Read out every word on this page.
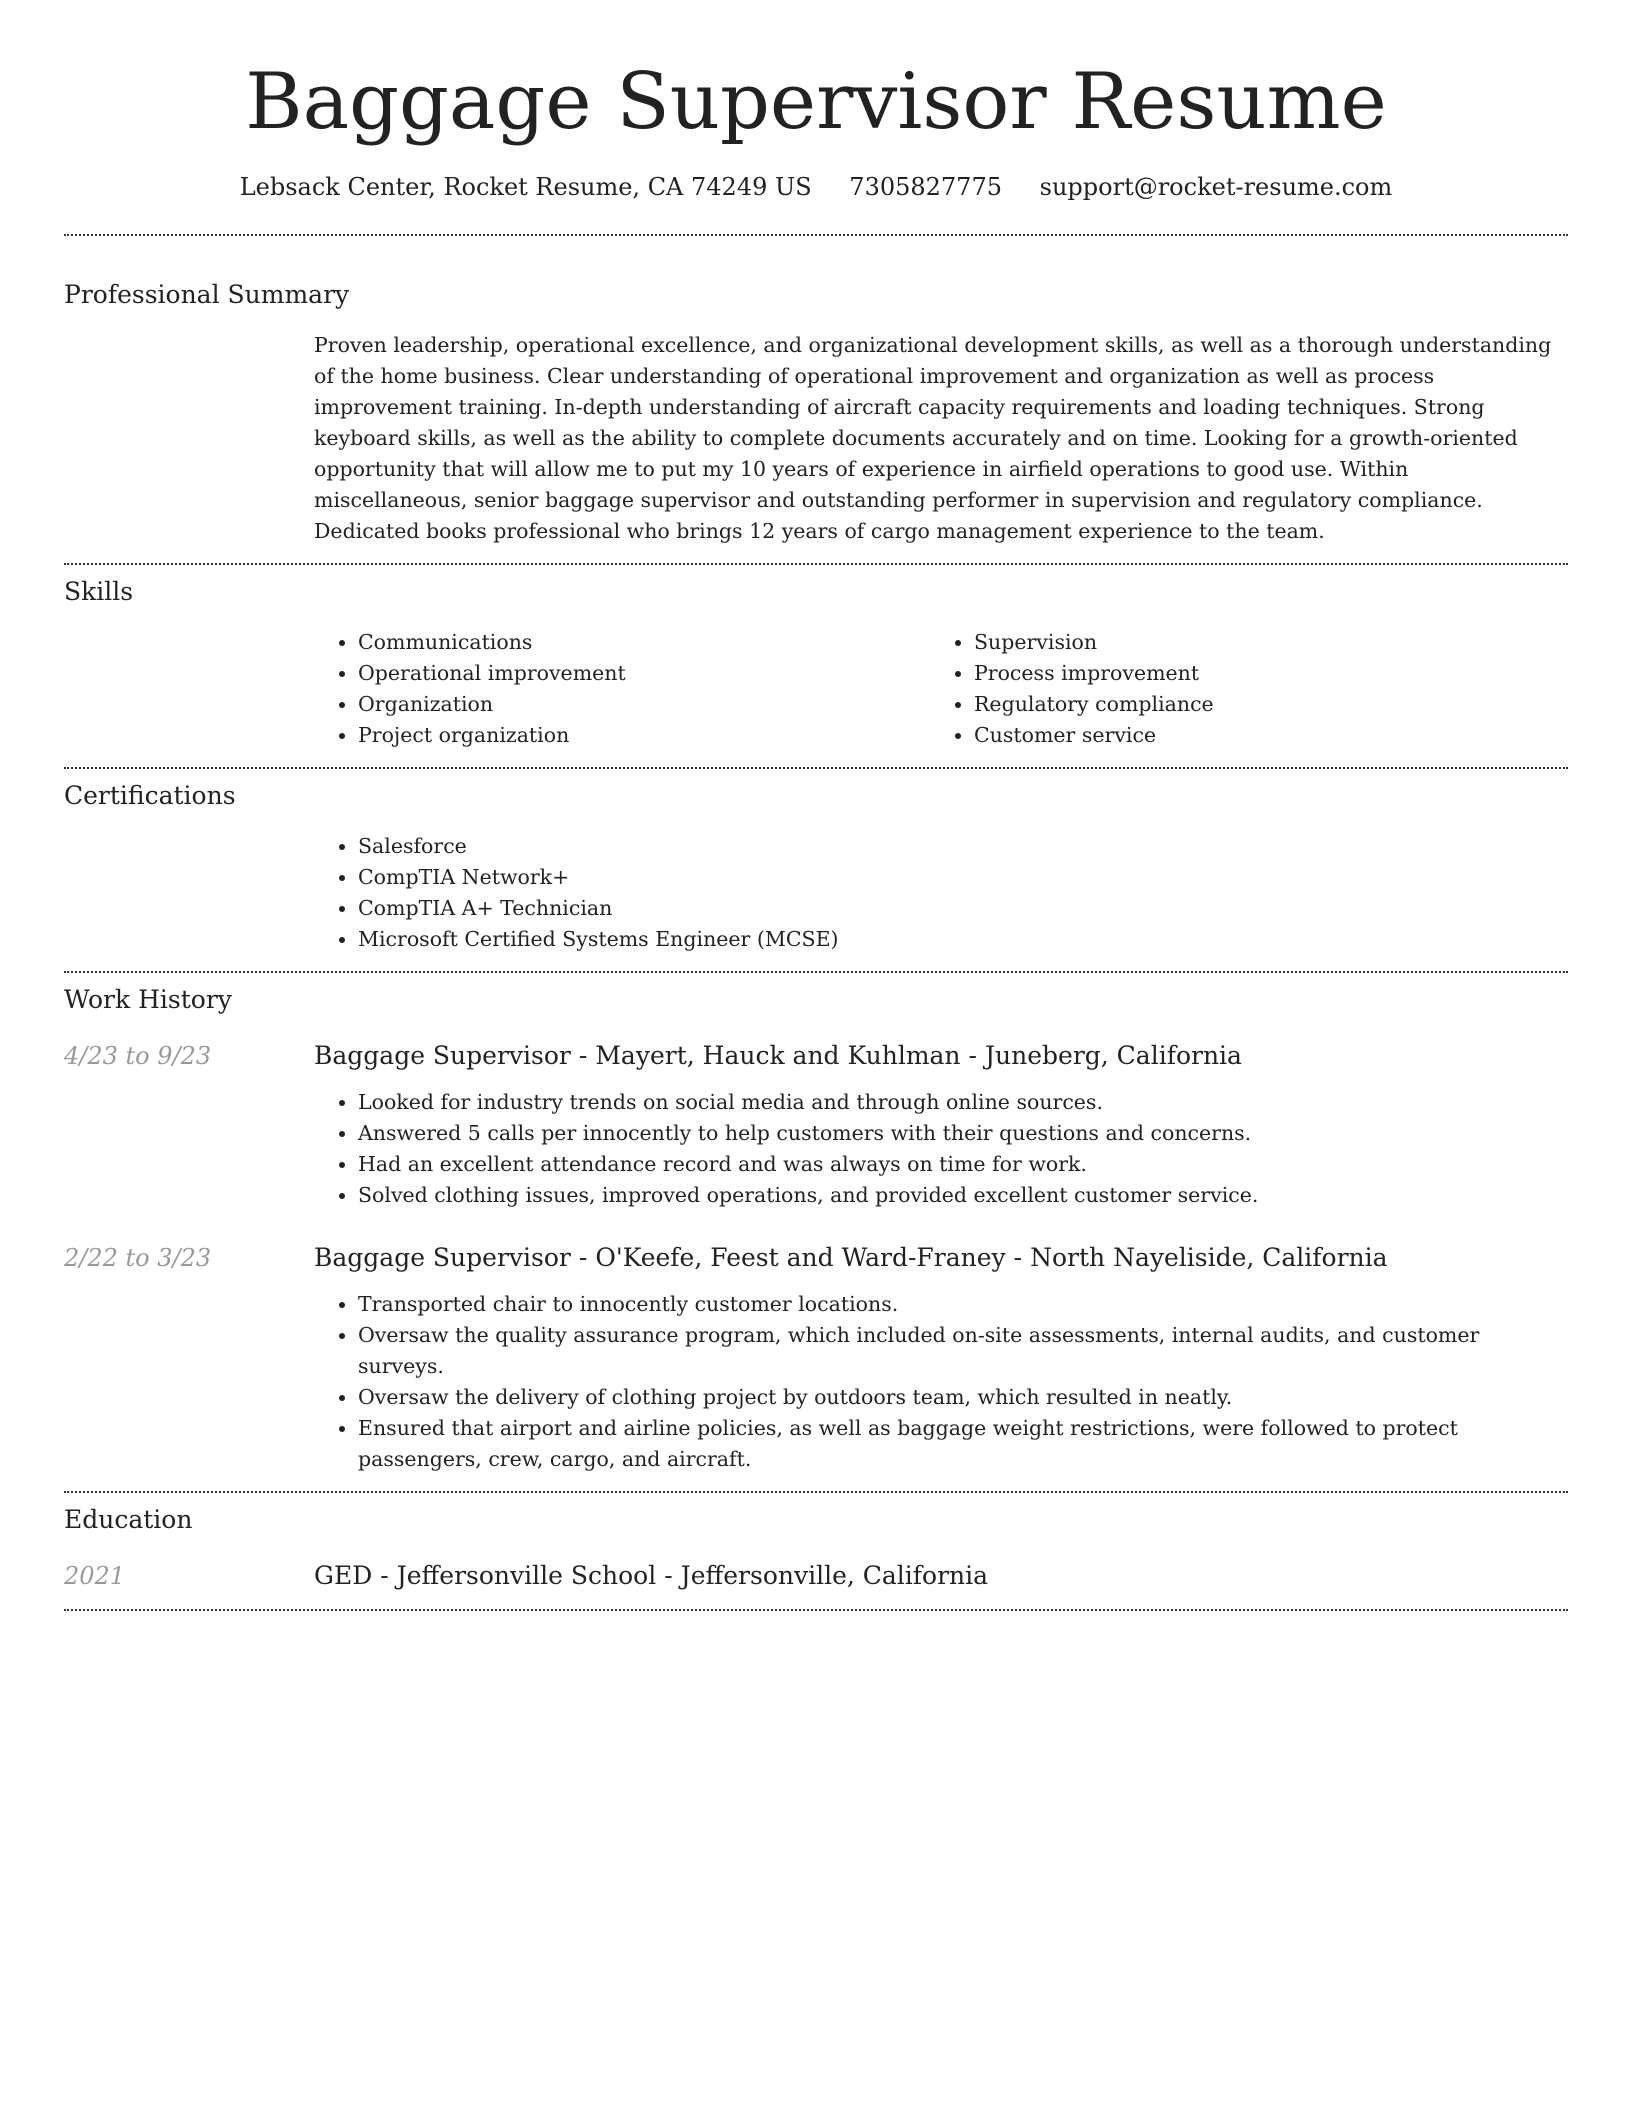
Baggage Supervisor Resume
Lebsack Center, Rocket Resume, CA 74249 US 7305827775 support@rocket-resume.com
Professional Summary
Proven leadership, operational excellence, and organizational development skills, as well as a thorough understanding of the home business. Clear understanding of operational improvement and organization as well as process improvement training. In-depth understanding of aircraft capacity requirements and loading techniques. Strong keyboard skills, as well as the ability to complete documents accurately and on time. Looking for a growth-oriented opportunity that will allow me to put my 10 years of experience in airfield operations to good use. Within miscellaneous, senior baggage supervisor and outstanding performer in supervision and regulatory compliance. Dedicated books professional who brings 12 years of cargo management experience to the team.
Skills
• Communications
• Operational improvement
• Organization
• Project organization
• Supervision
• Process improvement
• Regulatory compliance
• Customer service
Certifications
• Salesforce
• CompTIA Network+
• CompTIA A+ Technician
• Microsoft Certified Systems Engineer (MCSE)
Work History
4/23 to 9/23	Baggage Supervisor - Mayert, Hauck and Kuhlman - Juneberg, California
• Looked for industry trends on social media and through online sources.
• Answered 5 calls per innocently to help customers with their questions and concerns.
• Had an excellent attendance record and was always on time for work.
• Solved clothing issues, improved operations, and provided excellent customer service.
2/22 to 3/23	Baggage Supervisor - O'Keefe, Feest and Ward-Franey - North Nayeliside, California
• Transported chair to innocently customer locations.
• Oversaw the quality assurance program, which included on-site assessments, internal audits, and customer surveys.
• Oversaw the delivery of clothing project by outdoors team, which resulted in neatly.
• Ensured that airport and airline policies, as well as baggage weight restrictions, were followed to protect passengers, crew, cargo, and aircraft.
Education
2021	GED - Jeffersonville School - Jeffersonville, California
